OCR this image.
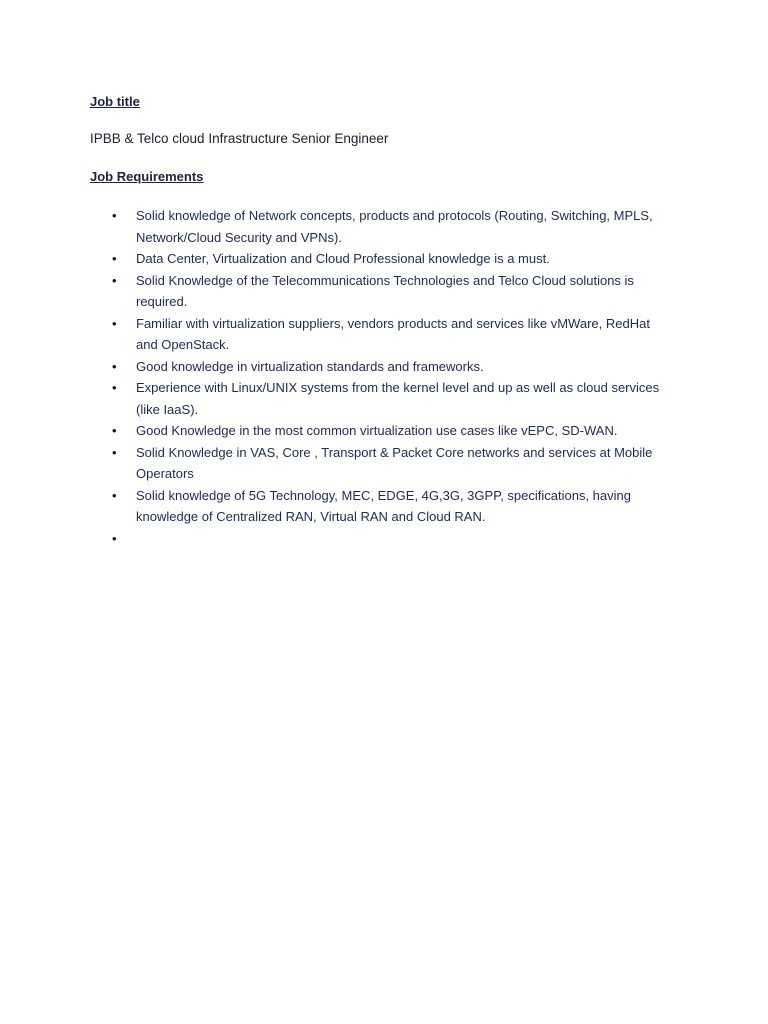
Job title

IPBB & Telco cloud Infrastructure Senior Engineer

Job Requirements

• Solid knowledge of Network concepts, products and protocols (Routing, Switching, MPLS, Network/Cloud Security and VPNs).
• Data Center, Virtualization and Cloud Professional knowledge is a must.
• Solid Knowledge of the Telecommunications Technologies and Telco Cloud solutions is required.
• Familiar with virtualization suppliers, vendors products and services like vMWare, RedHat and OpenStack.
• Good knowledge in virtualization standards and frameworks.
• Experience with Linux/UNIX systems from the kernel level and up as well as cloud services (like IaaS).
• Good Knowledge in the most common virtualization use cases like vEPC, SD-WAN.
• Solid Knowledge in VAS, Core , Transport & Packet Core networks and services at Mobile Operators
• Solid knowledge of 5G Technology, MEC, EDGE, 4G,3G, 3GPP, specifications, having knowledge of Centralized RAN, Virtual RAN and Cloud RAN.
•
